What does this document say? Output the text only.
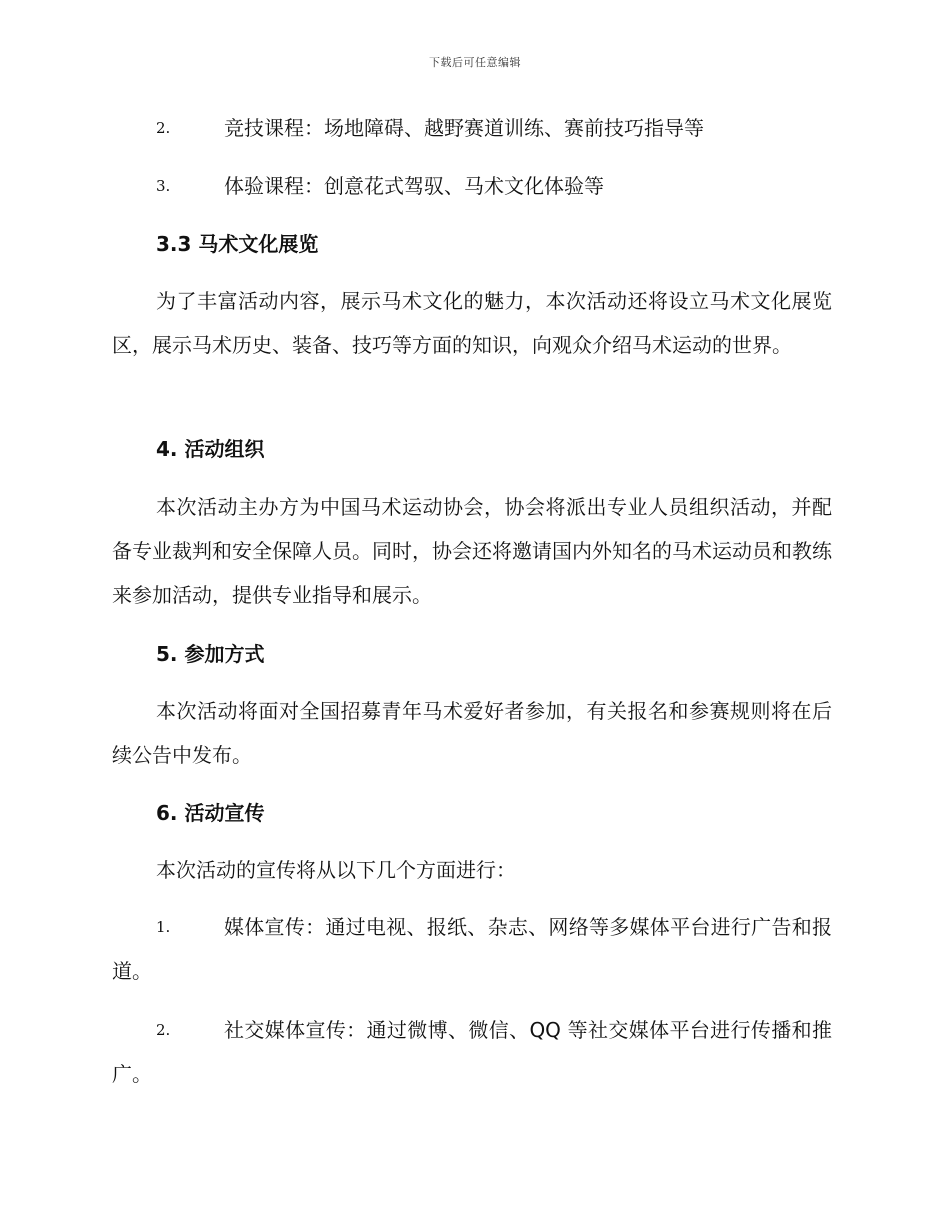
下载后可任意编辑
2.	竞技课程：场地障碍、越野赛道训练、赛前技巧指导等
3.	体验课程：创意花式驾驭、马术文化体验等
3.3 马术文化展览

为了丰富活动内容，展示马术文化的魅力，本次活动还将设立马术文化展览区，展示马术历史、装备、技巧等方面的知识，向观众介绍马术运动的世界。

4. 活动组织

本次活动主办方为中国马术运动协会，协会将派出专业人员组织活动，并配备专业裁判和安全保障人员。同时，协会还将邀请国内外知名的马术运动员和教练来参加活动，提供专业指导和展示。

5. 参加方式

本次活动将面对全国招募青年马术爱好者参加，有关报名和参赛规则将在后续公告中发布。

6. 活动宣传

本次活动的宣传将从以下几个方面进行：

1.	媒体宣传：通过电视、报纸、杂志、网络等多媒体平台进行广告和报道。
2.	社交媒体宣传：通过微博、微信、QQ 等社交媒体平台进行传播和推广。
